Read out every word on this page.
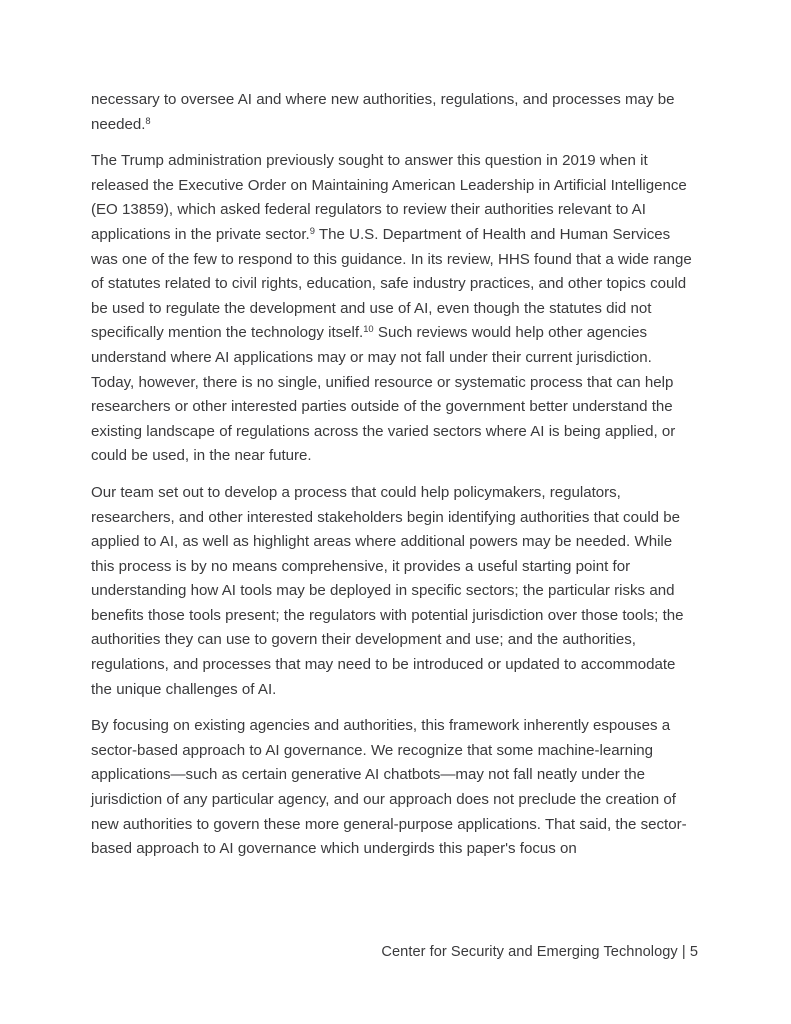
necessary to oversee AI and where new authorities, regulations, and processes may be needed.$^8$

The Trump administration previously sought to answer this question in 2019 when it released the Executive Order on Maintaining American Leadership in Artificial Intelligence (EO 13859), which asked federal regulators to review their authorities relevant to AI applications in the private sector.$^9$ The U.S. Department of Health and Human Services was one of the few to respond to this guidance. In its review, HHS found that a wide range of statutes related to civil rights, education, safe industry practices, and other topics could be used to regulate the development and use of AI, even though the statutes did not specifically mention the technology itself.$^{10}$ Such reviews would help other agencies understand where AI applications may or may not fall under their current jurisdiction. Today, however, there is no single, unified resource or systematic process that can help researchers or other interested parties outside of the government better understand the existing landscape of regulations across the varied sectors where AI is being applied, or could be used, in the near future.

Our team set out to develop a process that could help policymakers, regulators, researchers, and other interested stakeholders begin identifying authorities that could be applied to AI, as well as highlight areas where additional powers may be needed. While this process is by no means comprehensive, it provides a useful starting point for understanding how AI tools may be deployed in specific sectors; the particular risks and benefits those tools present; the regulators with potential jurisdiction over those tools; the authorities they can use to govern their development and use; and the authorities, regulations, and processes that may need to be introduced or updated to accommodate the unique challenges of AI.

By focusing on existing agencies and authorities, this framework inherently espouses a sector-based approach to AI governance. We recognize that some machine-learning applications—such as certain generative AI chatbots—may not fall neatly under the jurisdiction of any particular agency, and our approach does not preclude the creation of new authorities to govern these more general-purpose applications. That said, the sector-based approach to AI governance which undergirds this paper's focus on

Center for Security and Emerging Technology | 5
